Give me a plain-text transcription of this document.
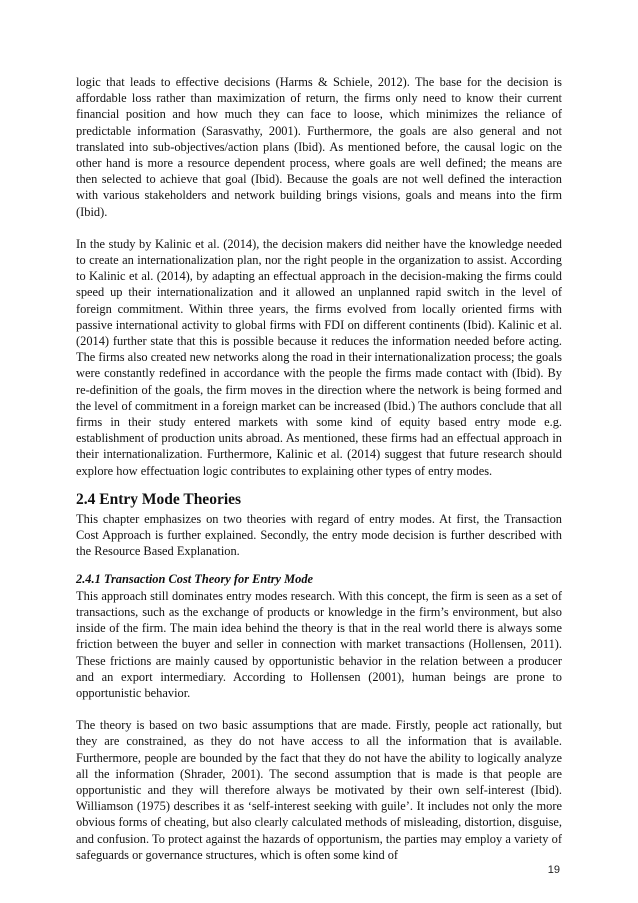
logic that leads to effective decisions (Harms & Schiele, 2012). The base for the decision is affordable loss rather than maximization of return, the firms only need to know their current financial position and how much they can face to loose, which minimizes the reliance of predictable information (Sarasvathy, 2001). Furthermore, the goals are also general and not translated into sub-objectives/action plans (Ibid). As mentioned before, the causal logic on the other hand is more a resource dependent process, where goals are well defined; the means are then selected to achieve that goal (Ibid). Because the goals are not well defined the interaction with various stakeholders and network building brings visions, goals and means into the firm (Ibid).

In the study by Kalinic et al. (2014), the decision makers did neither have the knowledge needed to create an internationalization plan, nor the right people in the organization to assist. According to Kalinic et al. (2014), by adapting an effectual approach in the decision-making the firms could speed up their internationalization and it allowed an unplanned rapid switch in the level of foreign commitment. Within three years, the firms evolved from locally oriented firms with passive international activity to global firms with FDI on different continents (Ibid). Kalinic et al. (2014) further state that this is possible because it reduces the information needed before acting. The firms also created new networks along the road in their internationalization process; the goals were constantly redefined in accordance with the people the firms made contact with (Ibid). By re-definition of the goals, the firm moves in the direction where the network is being formed and the level of commitment in a foreign market can be increased (Ibid.) The authors conclude that all firms in their study entered markets with some kind of equity based entry mode e.g. establishment of production units abroad. As mentioned, these firms had an effectual approach in their internationalization. Furthermore, Kalinic et al. (2014) suggest that future research should explore how effectuation logic contributes to explaining other types of entry modes.

2.4 Entry Mode Theories

This chapter emphasizes on two theories with regard of entry modes. At first, the Transaction Cost Approach is further explained. Secondly, the entry mode decision is further described with the Resource Based Explanation.

2.4.1 Transaction Cost Theory for Entry Mode

This approach still dominates entry modes research. With this concept, the firm is seen as a set of transactions, such as the exchange of products or knowledge in the firm’s environment, but also inside of the firm. The main idea behind the theory is that in the real world there is always some friction between the buyer and seller in connection with market transactions (Hollensen, 2011). These frictions are mainly caused by opportunistic behavior in the relation between a producer and an export intermediary. According to Hollensen (2001), human beings are prone to opportunistic behavior.

The theory is based on two basic assumptions that are made. Firstly, people act rationally, but they are constrained, as they do not have access to all the information that is available. Furthermore, people are bounded by the fact that they do not have the ability to logically analyze all the information (Shrader, 2001). The second assumption that is made is that people are opportunistic and they will therefore always be motivated by their own self-interest (Ibid). Williamson (1975) describes it as ‘self-interest seeking with guile’. It includes not only the more obvious forms of cheating, but also clearly calculated methods of misleading, distortion, disguise, and confusion. To protect against the hazards of opportunism, the parties may employ a variety of safeguards or governance structures, which is often some kind of

19
